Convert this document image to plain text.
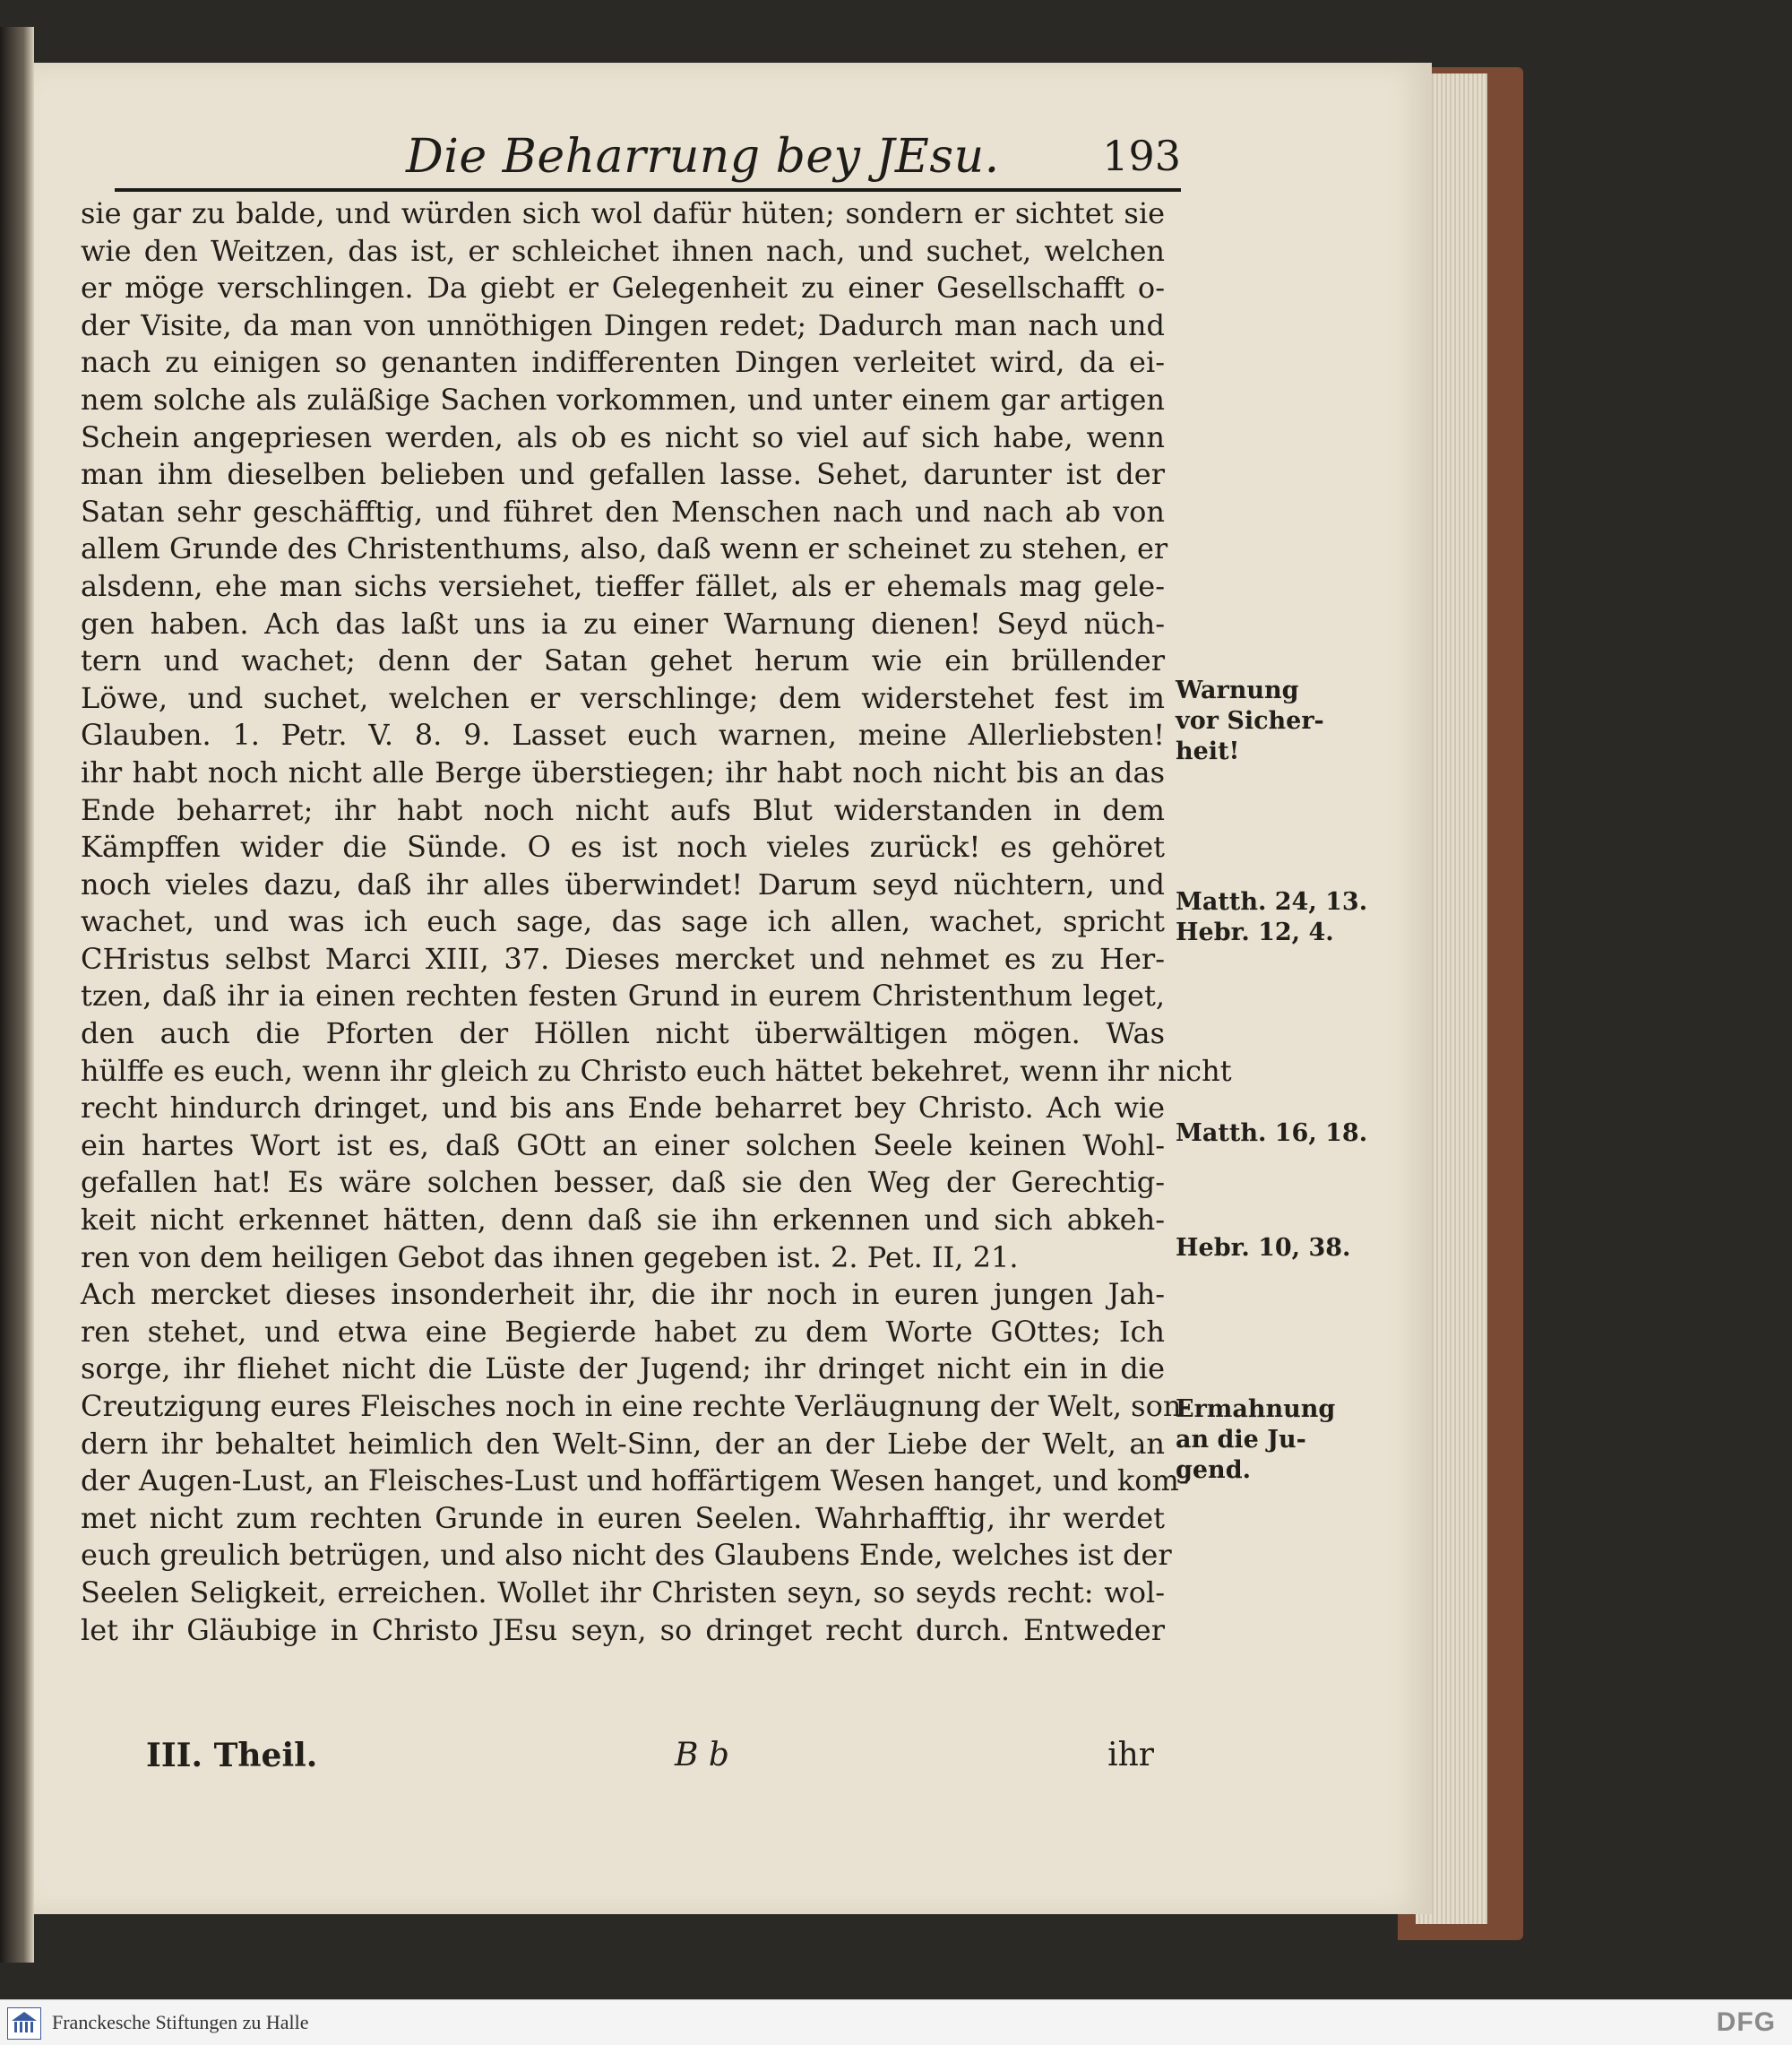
Die Beharrung bey JEsu. 193
sie gar zu balde, und würden sich wol dafür hüten; sondern er sichtet sie
wie den Weitzen, das ist, er schleichet ihnen nach, und suchet, welchen
er möge verschlingen. Da giebt er Gelegenheit zu einer Gesellschafft o-
der Visite, da man von unnöthigen Dingen redet; Dadurch man nach und
nach zu einigen so genanten indifferenten Dingen verleitet wird, da ei-
nem solche als zuläßige Sachen vorkommen, und unter einem gar artigen
Schein angepriesen werden, als ob es nicht so viel auf sich habe, wenn
man ihm dieselben belieben und gefallen lasse. Sehet, darunter ist der
Satan sehr geschäfftig, und führet den Menschen nach und nach ab von
allem Grunde des Christenthums, also, daß wenn er scheinet zu stehen, er
alsdenn, ehe man sichs versiehet, tieffer fället, als er ehemals mag gele-
gen haben. Ach das laßt uns ia zu einer Warnung dienen! Seyd nüch-
tern und wachet; denn der Satan gehet herum wie ein brüllender
Löwe, und suchet, welchen er verschlinge; dem widerstehet fest im
Glauben. 1. Petr. V. 8. 9. Lasset euch warnen, meine Allerliebsten!
ihr habt noch nicht alle Berge überstiegen; ihr habt noch nicht bis an das
Ende beharret; ihr habt noch nicht aufs Blut widerstanden in dem
Kämpffen wider die Sünde. O es ist noch vieles zurück! es gehöret
noch vieles dazu, daß ihr alles überwindet! Darum seyd nüchtern, und
wachet, und was ich euch sage, das sage ich allen, wachet, spricht
CHristus selbst Marci XIII, 37. Dieses mercket und nehmet es zu Her-
tzen, daß ihr ia einen rechten festen Grund in eurem Christenthum leget,
den auch die Pforten der Höllen nicht überwältigen mögen. Was
hülffe es euch, wenn ihr gleich zu Christo euch hättet bekehret, wenn ihr nicht
recht hindurch dringet, und bis ans Ende beharret bey Christo. Ach wie
ein hartes Wort ist es, daß GOtt an einer solchen Seele keinen Wohl-
gefallen hat! Es wäre solchen besser, daß sie den Weg der Gerechtig-
keit nicht erkennet hätten, denn daß sie ihn erkennen und sich abkeh-
ren von dem heiligen Gebot das ihnen gegeben ist. 2. Pet. II, 21.
Ach mercket dieses insonderheit ihr, die ihr noch in euren jungen Jah-
ren stehet, und etwa eine Begierde habet zu dem Worte GOttes; Ich
sorge, ihr fliehet nicht die Lüste der Jugend; ihr dringet nicht ein in die
Creutzigung eures Fleisches noch in eine rechte Verläugnung der Welt, son-
dern ihr behaltet heimlich den Welt-Sinn, der an der Liebe der Welt, an
der Augen-Lust, an Fleisches-Lust und hoffärtigem Wesen hanget, und kom-
met nicht zum rechten Grunde in euren Seelen. Wahrhafftig, ihr werdet
euch greulich betrügen, und also nicht des Glaubens Ende, welches ist der
Seelen Seligkeit, erreichen. Wollet ihr Christen seyn, so seyds recht: wol-
let ihr Gläubige in Christo JEsu seyn, so dringet recht durch. Entweder
Warnung
vor Sicher-
heit!
Matth. 24, 13.
Hebr. 12, 4.
Matth. 16, 18.
Hebr. 10, 38.
Ermahnung
an die Ju-
gend.
III. Theil.	B b	ihr
Franckesche Stiftungen zu Halle	DFG
